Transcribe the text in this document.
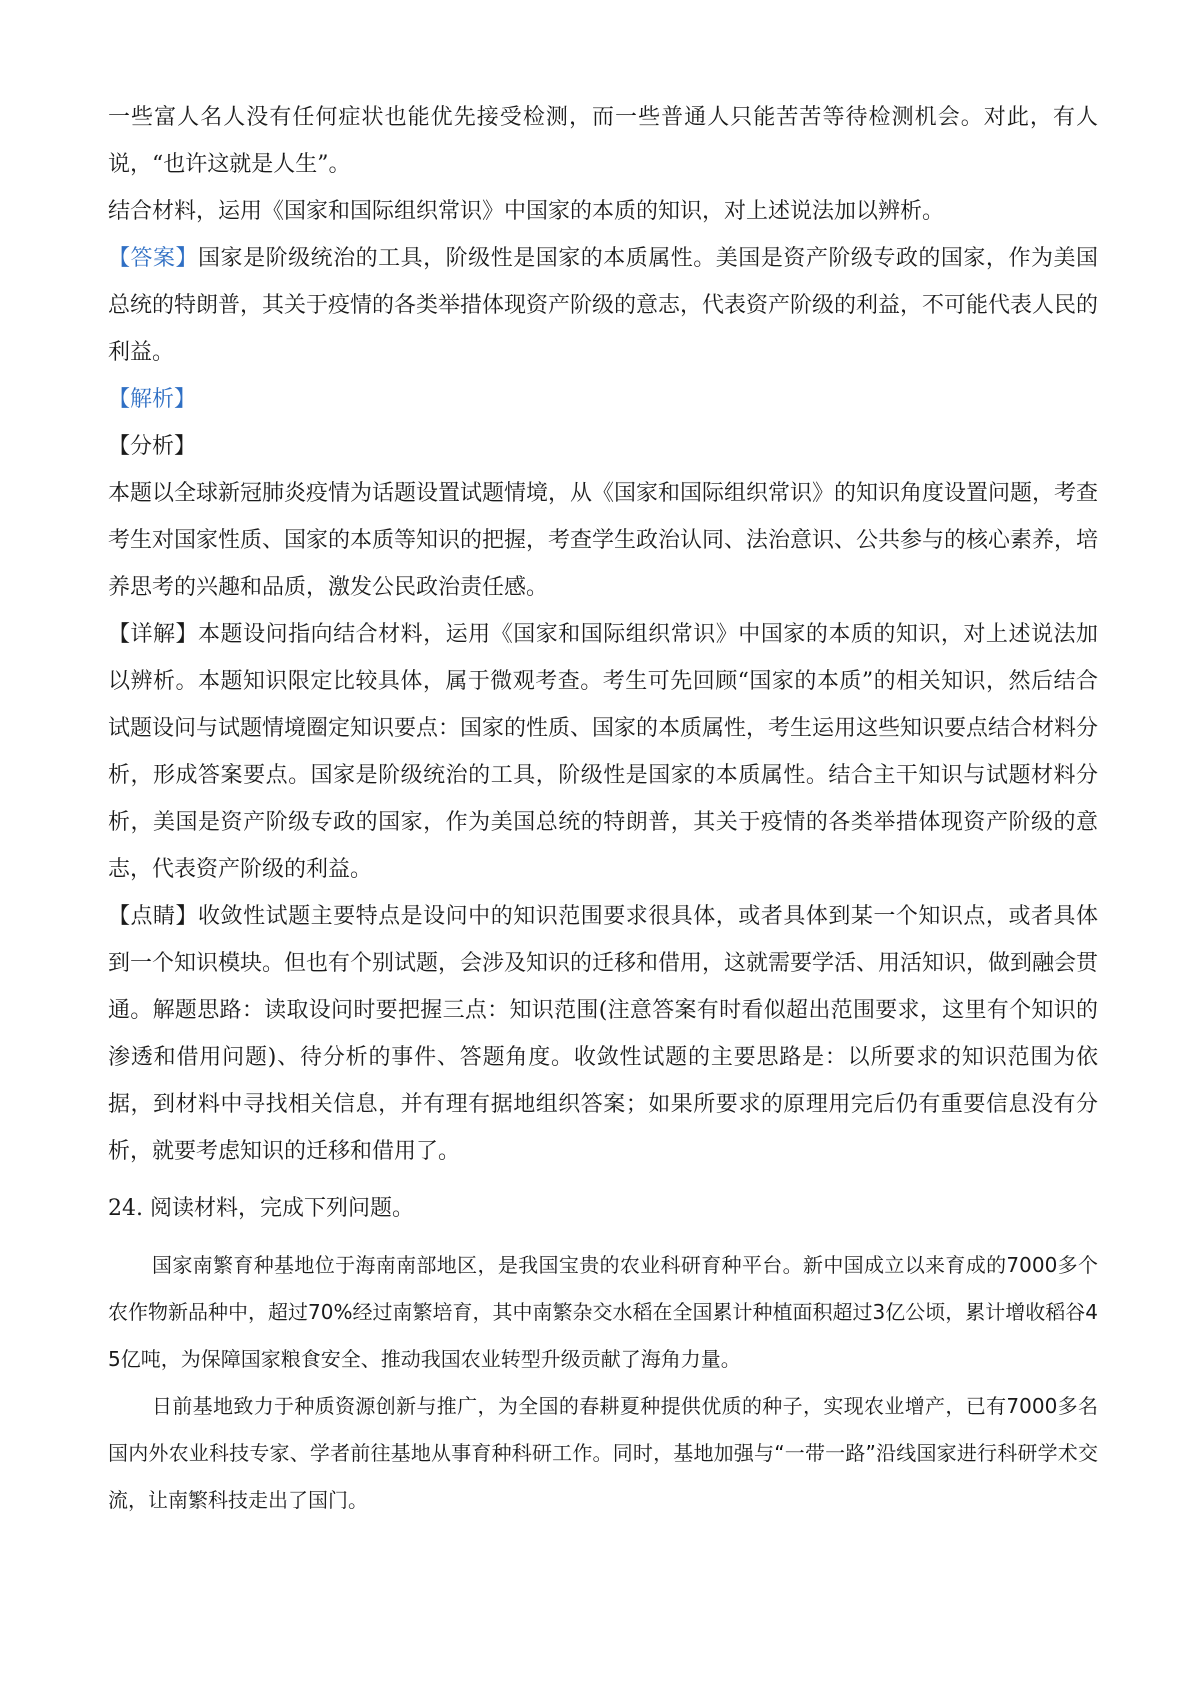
一些富人名人没有任何症状也能优先接受检测，而一些普通人只能苦苦等待检测机会。对此，有人说，“也许这就是人生”。

结合材料，运用《国家和国际组织常识》中国家的本质的知识，对上述说法加以辨析。

【答案】国家是阶级统治的工具，阶级性是国家的本质属性。美国是资产阶级专政的国家，作为美国总统的特朗普，其关于疫情的各类举措体现资产阶级的意志，代表资产阶级的利益，不可能代表人民的利益。

【解析】

【分析】

本题以全球新冠肺炎疫情为话题设置试题情境，从《国家和国际组织常识》的知识角度设置问题，考查考生对国家性质、国家的本质等知识的把握，考查学生政治认同、法治意识、公共参与的核心素养，培养思考的兴趣和品质，激发公民政治责任感。

【详解】本题设问指向结合材料，运用《国家和国际组织常识》中国家的本质的知识，对上述说法加以辨析。本题知识限定比较具体，属于微观考查。考生可先回顾“国家的本质”的相关知识，然后结合试题设问与试题情境圈定知识要点：国家的性质、国家的本质属性，考生运用这些知识要点结合材料分析，形成答案要点。国家是阶级统治的工具，阶级性是国家的本质属性。结合主干知识与试题材料分析，美国是资产阶级专政的国家，作为美国总统的特朗普，其关于疫情的各类举措体现资产阶级的意志，代表资产阶级的利益。

【点睛】收敛性试题主要特点是设问中的知识范围要求很具体，或者具体到某一个知识点，或者具体到一个知识模块。但也有个别试题，会涉及知识的迁移和借用，这就需要学活、用活知识，做到融会贯通。解题思路：读取设问时要把握三点：知识范围(注意答案有时看似超出范围要求，这里有个知识的渗透和借用问题)、待分析的事件、答题角度。收敛性试题的主要思路是：以所要求的知识范围为依据，到材料中寻找相关信息，并有理有据地组织答案；如果所要求的原理用完后仍有重要信息没有分析，就要考虑知识的迁移和借用了。

24. 阅读材料，完成下列问题。

国家南繁育种基地位于海南南部地区，是我国宝贵的农业科研育种平台。新中国成立以来育成的7000多个农作物新品种中，超过70%经过南繁培育，其中南繁杂交水稻在全国累计种植面积超过3亿公顷，累计增收稻谷45亿吨，为保障国家粮食安全、推动我国农业转型升级贡献了海角力量。

日前基地致力于种质资源创新与推广，为全国的春耕夏种提供优质的种子，实现农业增产，已有7000多名国内外农业科技专家、学者前往基地从事育种科研工作。同时，基地加强与“一带一路”沿线国家进行科研学术交流，让南繁科技走出了国门。
